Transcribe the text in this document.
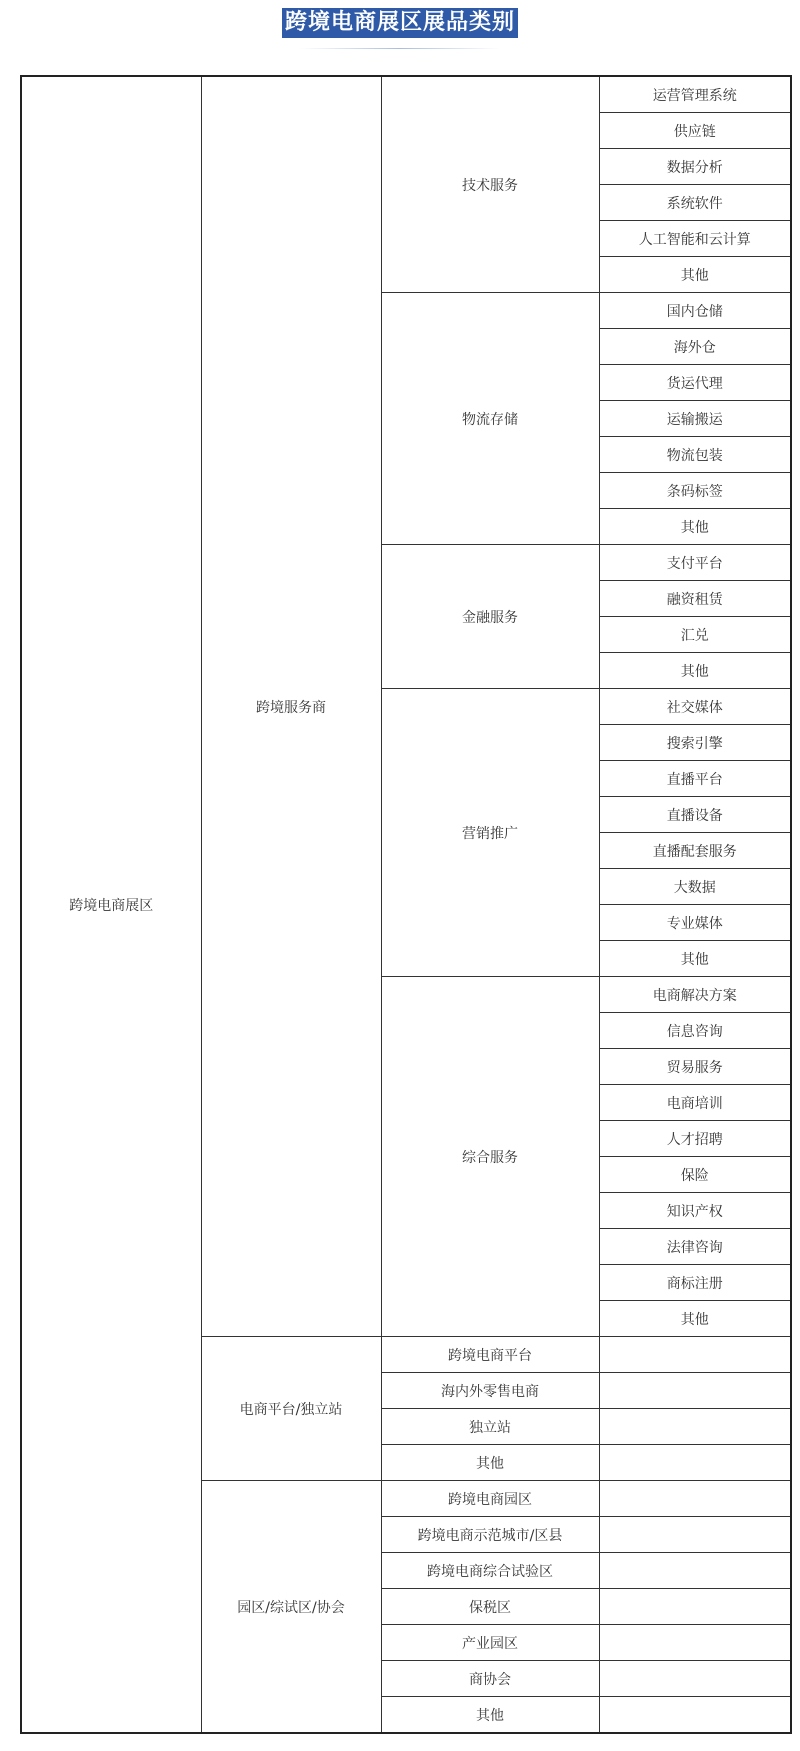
跨境电商展区展品类别
跨境电商展区	跨境服务商	技术服务	运营管理系统
			供应链
			数据分析
			系统软件
			人工智能和云计算
			其他
		物流存储	国内仓储
			海外仓
			货运代理
			运输搬运
			物流包装
			条码标签
			其他
		金融服务	支付平台
			融资租赁
			汇兑
			其他
		营销推广	社交媒体
			搜索引擎
			直播平台
			直播设备
			直播配套服务
			大数据
			专业媒体
			其他
		综合服务	电商解决方案
			信息咨询
			贸易服务
			电商培训
			人才招聘
			保险
			知识产权
			法律咨询
			商标注册
			其他
	电商平台/独立站	跨境电商平台	
		海内外零售电商	
		独立站	
		其他	
	园区/综试区/协会	跨境电商园区	
		跨境电商示范城市/区县	
		跨境电商综合试验区	
		保税区	
		产业园区	
		商协会	
		其他	
